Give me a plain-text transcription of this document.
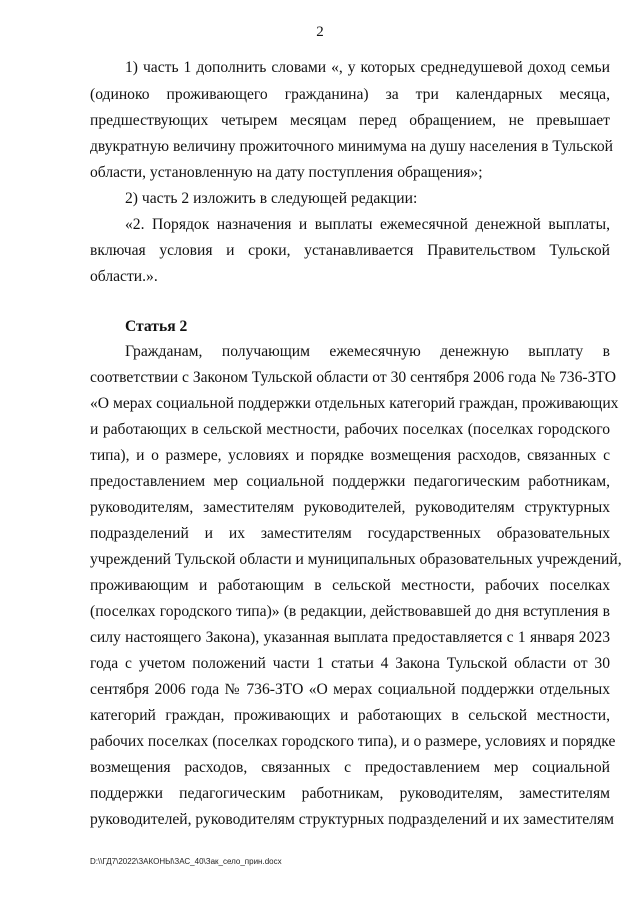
2
1) часть 1 дополнить словами «, у которых среднедушевой доход семьи
(одиноко проживающего гражданина) за три календарных месяца,
предшествующих четырем месяцам перед обращением, не превышает
двукратную величину прожиточного минимума на душу населения в Тульской
области, установленную на дату поступления обращения»;
2) часть 2 изложить в следующей редакции:
«2. Порядок назначения и выплаты ежемесячной денежной выплаты,
включая условия и сроки, устанавливается Правительством Тульской
области.».
Статья 2
Гражданам, получающим ежемесячную денежную выплату в
соответствии с Законом Тульской области от 30 сентября 2006 года № 736-ЗТО
«О мерах социальной поддержки отдельных категорий граждан, проживающих
и работающих в сельской местности, рабочих поселках (поселках городского
типа), и о размере, условиях и порядке возмещения расходов, связанных с
предоставлением мер социальной поддержки педагогическим работникам,
руководителям, заместителям руководителей, руководителям структурных
подразделений и их заместителям государственных образовательных
учреждений Тульской области и муниципальных образовательных учреждений,
проживающим и работающим в сельской местности, рабочих поселках
(поселках городского типа)» (в редакции, действовавшей до дня вступления в
силу настоящего Закона), указанная выплата предоставляется с 1 января 2023
года с учетом положений части 1 статьи 4 Закона Тульской области от 30
сентября 2006 года № 736-ЗТО «О мерах социальной поддержки отдельных
категорий граждан, проживающих и работающих в сельской местности,
рабочих поселках (поселках городского типа), и о размере, условиях и порядке
возмещения расходов, связанных с предоставлением мер социальной
поддержки педагогическим работникам, руководителям, заместителям
руководителей, руководителям структурных подразделений и их заместителям
D:\\ГД7\2022\ЗАКОНЫ\ЗАС_40\Зак_село_прин.docx
